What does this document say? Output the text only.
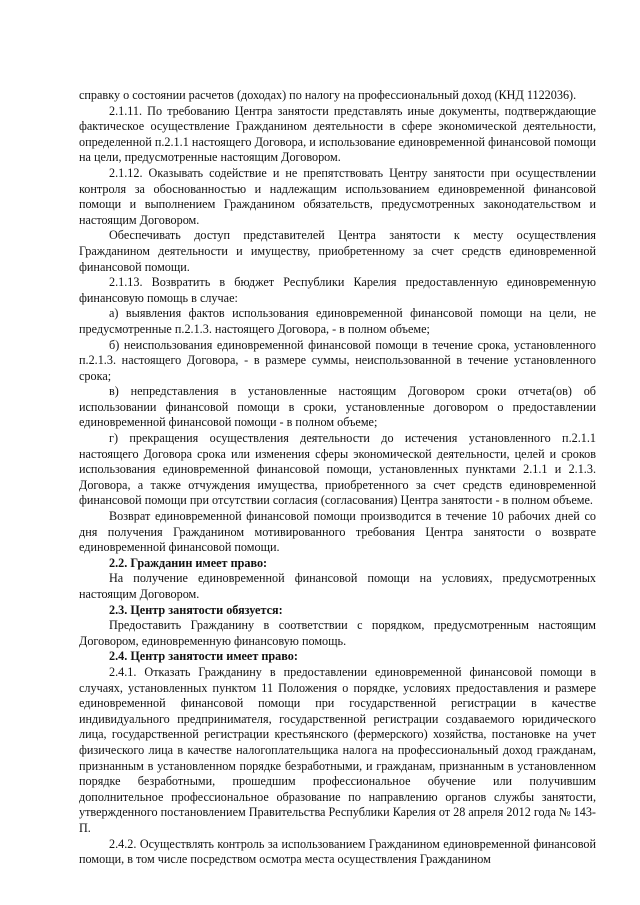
справку о состоянии расчетов (доходах) по налогу на профессиональный доход (КНД 1122036).

2.1.11. По требованию Центра занятости представлять иные документы, подтверждающие фактическое осуществление Гражданином деятельности в сфере экономической деятельности, определенной п.2.1.1 настоящего Договора, и использование единовременной финансовой помощи на цели, предусмотренные настоящим Договором.

2.1.12. Оказывать содействие и не препятствовать Центру занятости при осуществлении контроля за обоснованностью и надлежащим использованием единовременной финансовой помощи и выполнением Гражданином обязательств, предусмотренных законодательством и настоящим Договором.

Обеспечивать доступ представителей Центра занятости к месту осуществления Гражданином деятельности и имуществу, приобретенному за счет средств единовременной финансовой помощи.

2.1.13. Возвратить в бюджет Республики Карелия предоставленную единовременную финансовую помощь в случае:

а) выявления фактов использования единовременной финансовой помощи на цели, не предусмотренные п.2.1.3. настоящего Договора, - в полном объеме;

б) неиспользования единовременной финансовой помощи в течение срока, установленного п.2.1.3. настоящего Договора, - в размере суммы, неиспользованной в течение установленного срока;

в) непредставления в установленные настоящим Договором сроки отчета(ов) об использовании финансовой помощи в сроки, установленные договором о предоставлении единовременной финансовой помощи - в полном объеме;

г) прекращения осуществления деятельности до истечения установленного п.2.1.1 настоящего Договора срока или изменения сферы экономической деятельности, целей и сроков использования единовременной финансовой помощи, установленных пунктами 2.1.1 и 2.1.3. Договора, а также отчуждения имущества, приобретенного за счет средств единовременной финансовой помощи при отсутствии согласия (согласования) Центра занятости - в полном объеме.

Возврат единовременной финансовой помощи производится в течение 10 рабочих дней со дня получения Гражданином мотивированного требования Центра занятости о возврате единовременной финансовой помощи.

2.2. Гражданин имеет право:

На получение единовременной финансовой помощи на условиях, предусмотренных настоящим Договором.

2.3. Центр занятости обязуется:

Предоставить Гражданину в соответствии с порядком, предусмотренным настоящим Договором, единовременную финансовую помощь.

2.4. Центр занятости имеет право:

2.4.1. Отказать Гражданину в предоставлении единовременной финансовой помощи в случаях, установленных пунктом 11 Положения о порядке, условиях предоставления и размере единовременной финансовой помощи при государственной регистрации в качестве индивидуального предпринимателя, государственной регистрации создаваемого юридического лица, государственной регистрации крестьянского (фермерского) хозяйства, постановке на учет физического лица в качестве налогоплательщика налога на профессиональный доход гражданам, признанным в установленном порядке безработными, и гражданам, признанным в установленном порядке безработными, прошедшим профессиональное обучение или получившим дополнительное профессиональное образование по направлению органов службы занятости, утвержденного постановлением Правительства Республики Карелия от 28 апреля 2012 года № 143-П.

2.4.2. Осуществлять контроль за использованием Гражданином единовременной финансовой помощи, в том числе посредством осмотра места осуществления Гражданином
